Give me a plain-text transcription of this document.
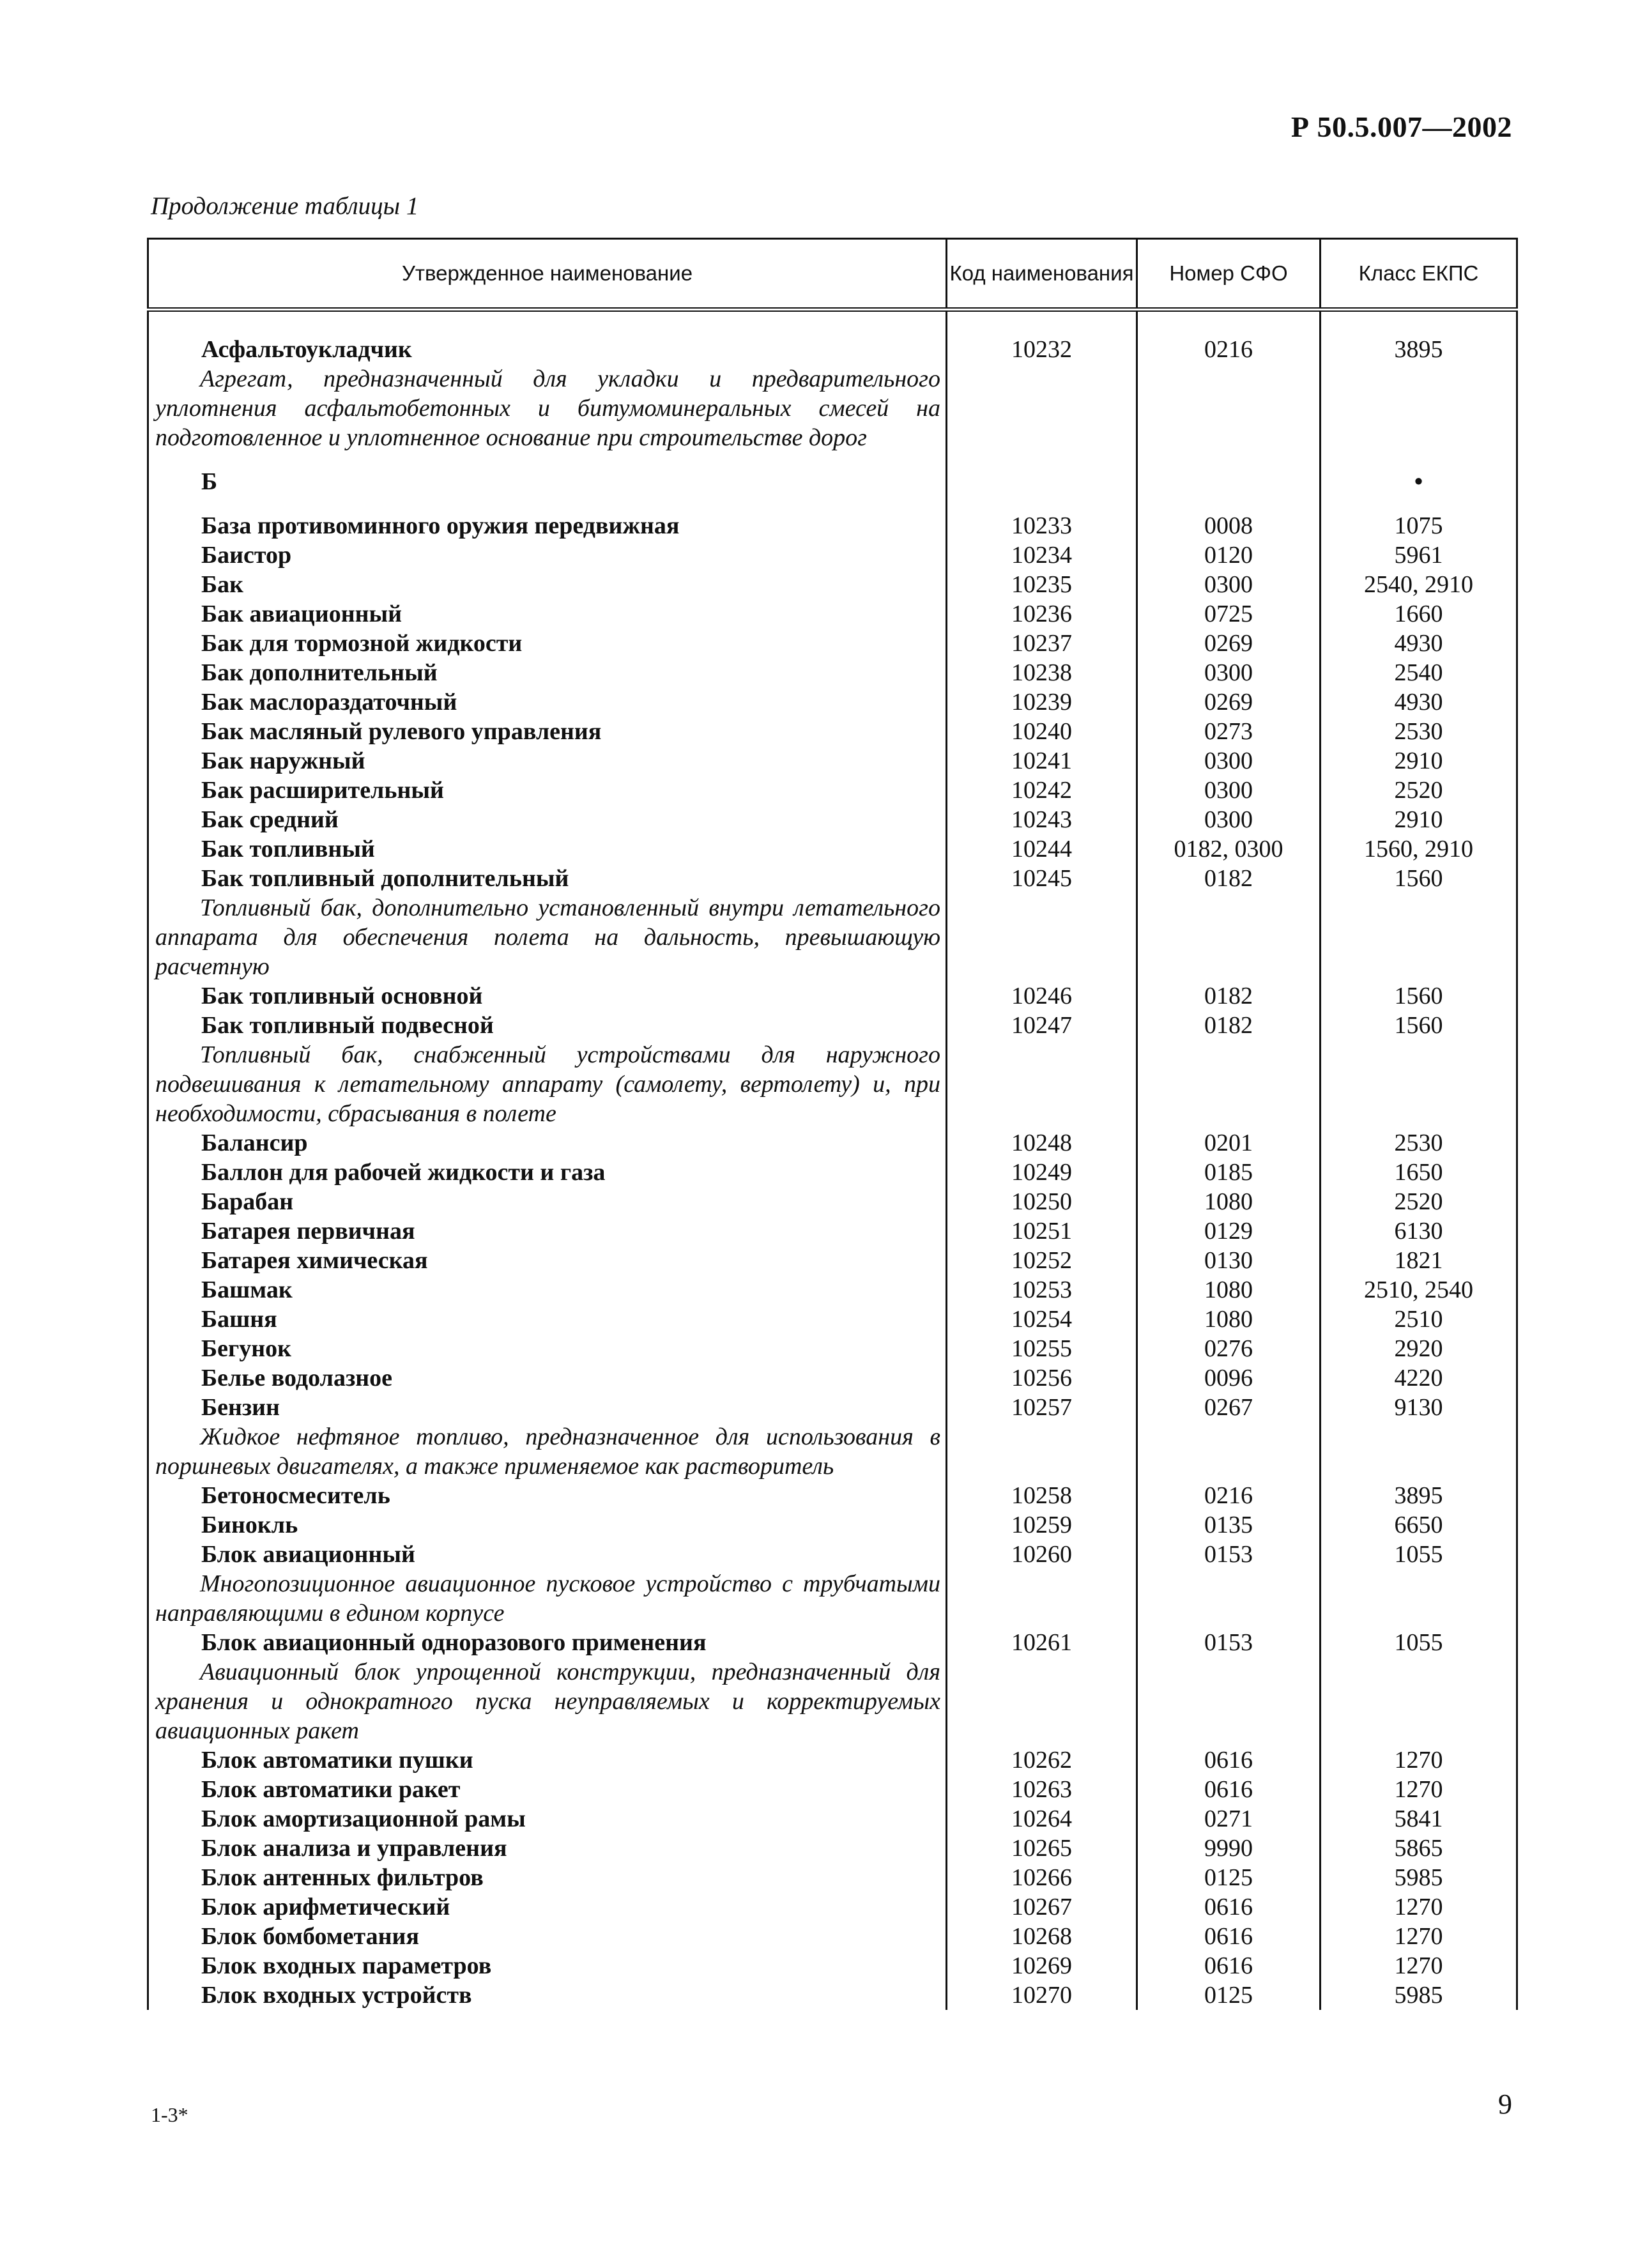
Р 50.5.007—2002
Продолжение таблицы 1
Утвержденное наименование	Код наименования	Номер СФО	Класс ЕКПС

Асфальтоукладчик	10232	0216	3895
Агрегат, предназначенный для укладки и предварительного уплотнения асфальтобетонных и битумоминеральных смесей на подготовленное и уплотненное основание при строительстве дорог			
Б			•
База противоминного оружия передвижная	10233	0008	1075
Баистор	10234	0120	5961
Бак	10235	0300	2540, 2910
Бак авиационный	10236	0725	1660
Бак для тормозной жидкости	10237	0269	4930
Бак дополнительный	10238	0300	2540
Бак маслораздаточный	10239	0269	4930
Бак масляный рулевого управления	10240	0273	2530
Бак наружный	10241	0300	2910
Бак расширительный	10242	0300	2520
Бак средний	10243	0300	2910
Бак топливный	10244	0182, 0300	1560, 2910
Бак топливный дополнительный	10245	0182	1560
Топливный бак, дополнительно установленный внутри летательного аппарата для обеспечения полета на дальность, превышающую расчетную			
Бак топливный основной	10246	0182	1560
Бак топливный подвесной	10247	0182	1560
Топливный бак, снабженный устройствами для наружного подвешивания к летательному аппарату (самолету, вертолету) и, при необходимости, сбрасывания в полете			
Балансир	10248	0201	2530
Баллон для рабочей жидкости и газа	10249	0185	1650
Барабан	10250	1080	2520
Батарея первичная	10251	0129	6130
Батарея химическая	10252	0130	1821
Башмак	10253	1080	2510, 2540
Башня	10254	1080	2510
Бегунок	10255	0276	2920
Белье водолазное	10256	0096	4220
Бензин	10257	0267	9130
Жидкое нефтяное топливо, предназначенное для использования в поршневых двигателях, а также применяемое как растворитель			
Бетоносмеситель	10258	0216	3895
Бинокль	10259	0135	6650
Блок авиационный	10260	0153	1055
Многопозиционное авиационное пусковое устройство с трубчатыми направляющими в едином корпусе			
Блок авиационный одноразового применения	10261	0153	1055
Авиационный блок упрощенной конструкции, предназначенный для хранения и однократного пуска неуправляемых и корректируемых авиационных ракет			
Блок автоматики пушки	10262	0616	1270
Блок автоматики ракет	10263	0616	1270
Блок амортизационной рамы	10264	0271	5841
Блок анализа и управления	10265	9990	5865
Блок антенных фильтров	10266	0125	5985
Блок арифметический	10267	0616	1270
Блок бомбометания	10268	0616	1270
Блок входных параметров	10269	0616	1270
Блок входных устройств	10270	0125	5985
1-3*	9
